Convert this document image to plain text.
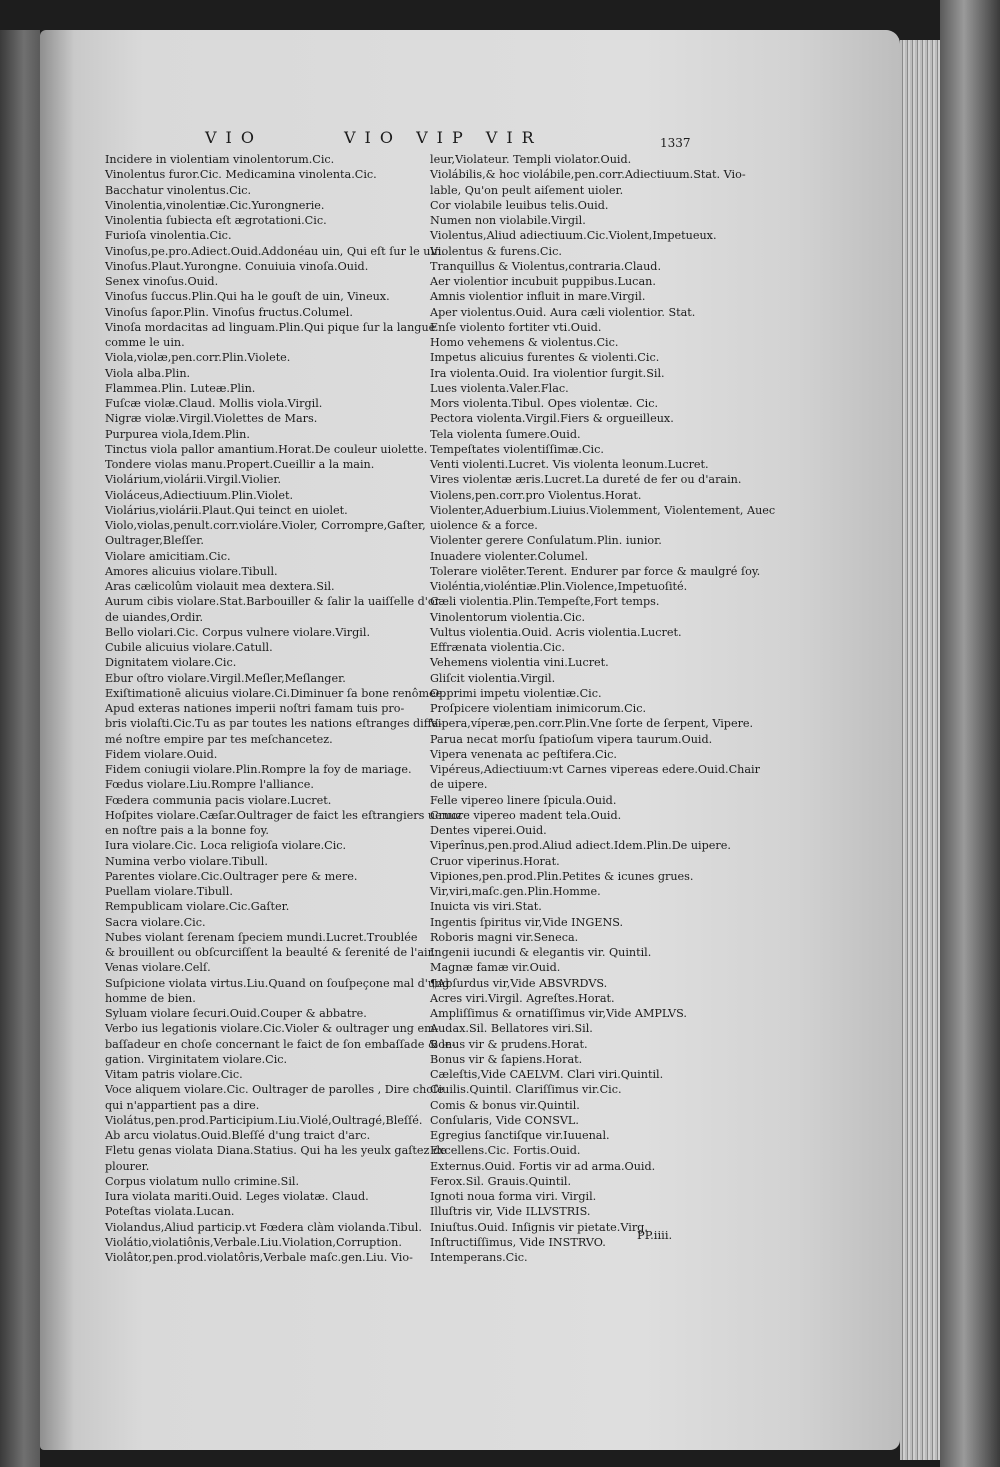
VIO	VIO VIP VIR	1337
Incidere in violentiam vinolentorum.Cic.
Vinolentus furor.Cic. Medicamina vinolenta.Cic.
Bacchatur vinolentus.Cic.
Vinolentia,vinolentiæ.Cic.Yurongnerie.
Vinolentia ſubiecta eſt ægrotationi.Cic.
Furioſa vinolentia.Cic.
Vinoſus,pe.pro.Adiect.Ouid.Addonéau uin, Qui eſt ſur le uin.
Vinoſus.Plaut.Yurongne. Conuiuia vinoſa.Ouid.
Senex vinoſus.Ouid.
Vinoſus ſuccus.Plin.Qui ha le gouſt de uin, Vineux.
Vinoſus ſapor.Plin. Vinoſus fructus.Columel.
Vinoſa mordacitas ad linguam.Plin.Qui pique ſur la langue
comme le uin.
Viola,violæ,pen.corr.Plin.Violete.
Viola alba.Plin.
Flammea.Plin. Luteæ.Plin.
Fuſcæ violæ.Claud. Mollis viola.Virgil.
Nigræ violæ.Virgil.Violettes de Mars.
Purpurea viola,Idem.Plin.
Tinctus viola pallor amantium.Horat.De couleur uiolette.
Tondere violas manu.Propert.Cueillir a la main.
Violárium,violárii.Virgil.Violier.
Violáceus,Adiectiuum.Plin.Violet.
Violárius,violárii.Plaut.Qui teinct en uiolet.
Violo,violas,penult.corr.violáre.Violer, Corrompre,Gaſter,
Oultrager,Bleſſer.
Violare amicitiam.Cic.
Amores alicuius violare.Tibull.
Aras cælicolûm violauit mea dextera.Sil.
Aurum cibis violare.Stat.Barbouiller & ſalir la uaiſſelle d'or
de uiandes,Ordir.
Bello violari.Cic. Corpus vulnere violare.Virgil.
Cubile alicuius violare.Catull.
Dignitatem violare.Cic.
Ebur oſtro violare.Virgil.Meſler,Meſlanger.
Exiſtimationē alicuius violare.Ci.Diminuer ſa bone renômee.
Apud exteras nationes imperii noſtri famam tuis pro-
bris violaſti.Cic.Tu as par toutes les nations eſtranges diffa-
mé noſtre empire par tes meſchancetez.
Fidem violare.Ouid.
Fidem coniugii violare.Plin.Rompre la foy de mariage.
Fœdus violare.Liu.Rompre l'alliance.
Fœdera communia pacis violare.Lucret.
Hoſpites violare.Cæſar.Oultrager de faict les eſtrangiers uenuz
en noſtre pais a la bonne foy.
Iura violare.Cic. Loca religioſa violare.Cic.
Numina verbo violare.Tibull.
Parentes violare.Cic.Oultrager pere & mere.
Puellam violare.Tibull.
Rempublicam violare.Cic.Gaſter.
Sacra violare.Cic.
Nubes violant ſerenam ſpeciem mundi.Lucret.Troublée
& brouillent ou obſcurciſſent la beaulté & ſerenité de l'air.
Venas violare.Celſ.
Suſpicione violata virtus.Liu.Quand on ſouſpeçone mal d'ung
homme de bien.
Syluam violare ſecuri.Ouid.Couper & abbatre.
Verbo ius legationis violare.Cic.Violer & oultrager ung em-
baſſadeur en choſe concernant le faict de ſon embaſſade & le-
gation. Virginitatem violare.Cic.
Vitam patris violare.Cic.
Voce aliquem violare.Cic. Oultrager de parolles , Dire choſe
qui n'appartient pas a dire.
Violátus,pen.prod.Participium.Liu.Violé,Oultragé,Bleſſé.
Ab arcu violatus.Ouid.Bleſſé d'ung traict d'arc.
Fletu genas violata Diana.Statius. Qui ha les yeulx gaſtez de
plourer.
Corpus violatum nullo crimine.Sil.
Iura violata mariti.Ouid. Leges violatæ. Claud.
Poteſtas violata.Lucan.
Violandus,Aliud particip.vt Fœdera clàm violanda.Tibul.
Violátio,violatiônis,Verbale.Liu.Violation,Corruption.
Violâtor,pen.prod.violatôris,Verbale maſc.gen.Liu. Vio-
leur,Violateur. Templi violator.Ouid.
Violábilis,& hoc violábile,pen.corr.Adiectiuum.Stat. Vio-
lable, Qu'on peult aiſement uioler.
Cor violabile leuibus telis.Ouid.
Numen non violabile.Virgil.
Violentus,Aliud adiectiuum.Cic.Violent,Impetueux.
Violentus & furens.Cic.
Tranquillus & Violentus,contraria.Claud.
Aer violentior incubuit puppibus.Lucan.
Amnis violentior influit in mare.Virgil.
Aper violentus.Ouid. Aura cæli violentior. Stat.
Enſe violento fortiter vti.Ouid.
Homo vehemens & violentus.Cic.
Impetus alicuius furentes & violenti.Cic.
Ira violenta.Ouid. Ira violentior ſurgit.Sil.
Lues violenta.Valer.Flac.
Mors violenta.Tibul. Opes violentæ. Cic.
Pectora violenta.Virgil.Fiers & orgueilleux.
Tela violenta ſumere.Ouid.
Tempeſtates violentiſſimæ.Cic.
Venti violenti.Lucret. Vis violenta leonum.Lucret.
Vires violentæ æris.Lucret.La dureté de fer ou d'arain.
Violens,pen.corr.pro Violentus.Horat.
Violenter,Aduerbium.Liuius.Violemment, Violentement, Auec
uiolence & a force.
Violenter gerere Conſulatum.Plin. iunior.
Inuadere violenter.Columel.
Tolerare violēter.Terent. Endurer par force & maulgré ſoy.
Violéntia,violéntiæ.Plin.Violence,Impetuoſité.
Cæli violentia.Plin.Tempeſte,Fort temps.
Vinolentorum violentia.Cic.
Vultus violentia.Ouid. Acris violentia.Lucret.
Effrænata violentia.Cic.
Vehemens violentia vini.Lucret.
Gliſcit violentia.Virgil.
Opprimi impetu violentiæ.Cic.
Proſpicere violentiam inimicorum.Cic.
Vipera,víperæ,pen.corr.Plin.Vne ſorte de ſerpent, Vipere.
Parua necat morſu ſpatioſum vipera taurum.Ouid.
Vipera venenata ac peſtifera.Cic.
Vipéreus,Adiectiuum:vt Carnes vipereas edere.Ouid.Chair
de uipere.
Felle vipereo linere ſpicula.Ouid.
Cruore vipereo madent tela.Ouid.
Dentes viperei.Ouid.
Viperînus,pen.prod.Aliud adiect.Idem.Plin.De uipere.
Cruor viperinus.Horat.
Vipiones,pen.prod.Plin.Petites & icunes grues.
Vir,viri,maſc.gen.Plin.Homme.
Inuicta vis viri.Stat.
Ingentis ſpiritus vir,Vide INGENS.
Roboris magni vir.Seneca.
Ingenii iucundi & elegantis vir. Quintil.
Magnæ famæ vir.Ouid.
¶Abſurdus vir,Vide ABSVRDVS.
Acres viri.Virgil. Agreſtes.Horat.
Ampliſſimus & ornatiſſimus vir,Vide AMPLVS.
Audax.Sil. Bellatores viri.Sil.
Bonus vir & prudens.Horat.
Bonus vir & ſapiens.Horat.
Cæleſtis,Vide CAELVM. Clari viri.Quintil.
Ciuilis.Quintil. Clariſſimus vir.Cic.
Comis & bonus vir.Quintil.
Conſularis, Vide CONSVL.
Egregius ſanctiſque vir.Iuuenal.
Excellens.Cic. Fortis.Ouid.
Externus.Ouid. Fortis vir ad arma.Ouid.
Ferox.Sil. Grauis.Quintil.
Ignoti noua forma viri. Virgil.
Illuſtris vir, Vide ILLVSTRIS.
Iniuſtus.Ouid. Inſignis vir pietate.Virg.
Inſtructiſſimus, Vide INSTRVO.
Intemperans.Cic.
PP.iiii.
